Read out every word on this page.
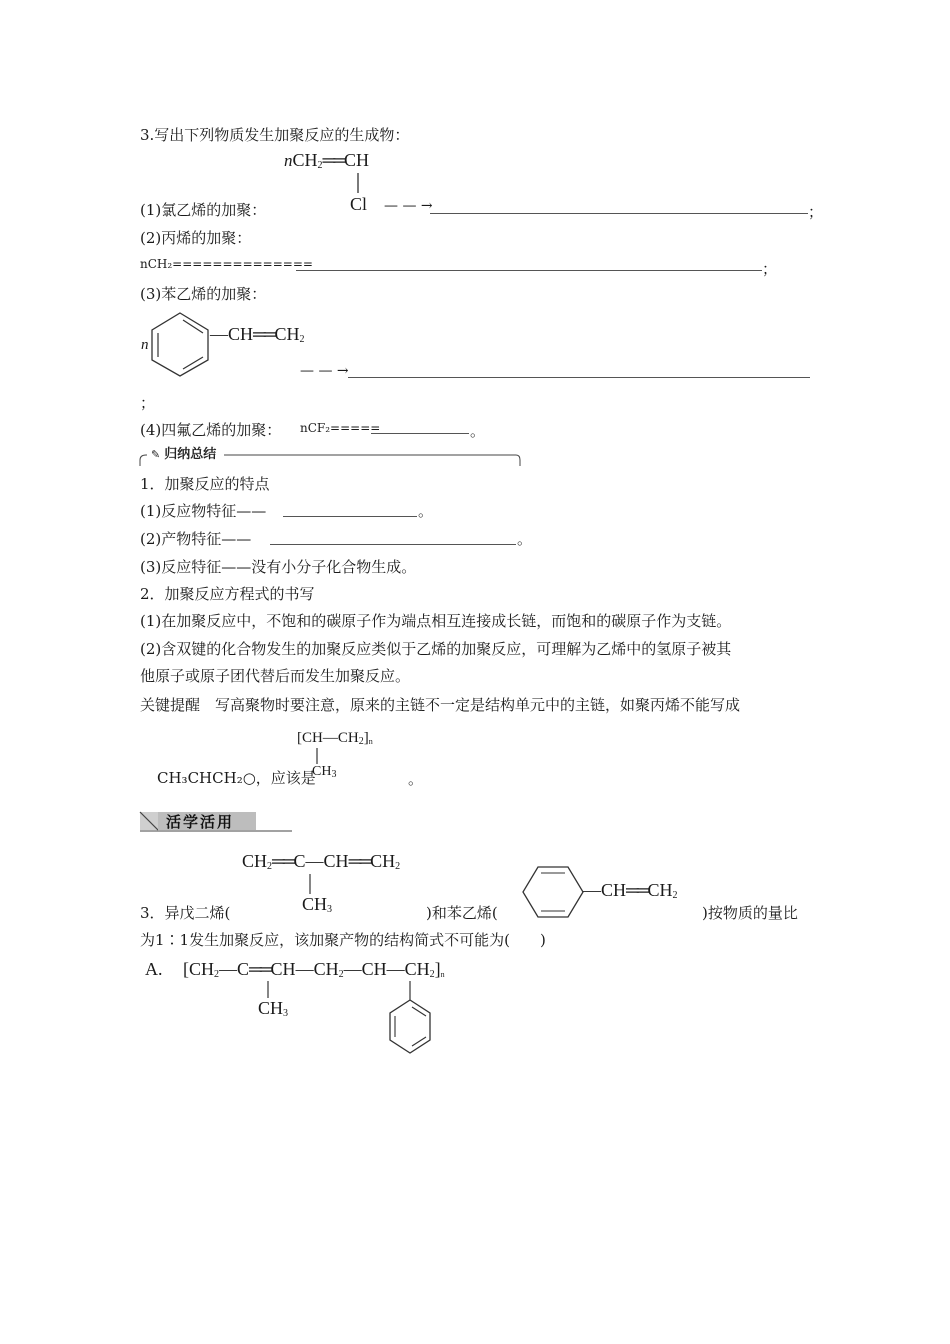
3.写出下列物质发生加聚反应的生成物：
nCH$_2$══CH
Cl
(1)氯乙烯的加聚：	— — →	；
(2)丙烯的加聚：
nCH₂==============	；
(3)苯乙烯的加聚：
n
$—CH══CH_2$
— — →
；
(4)四氟乙烯的加聚： nCF₂=====	。
✎ 归纳总结
1．加聚反应的特点
(1)反应物特征——	。
(2)产物特征——	。
(3)反应特征——没有小分子化合物生成。
2．加聚反应方程式的书写
(1)在加聚反应中，不饱和的碳原子作为端点相互连接成长链，而饱和的碳原子作为支链。
(2)含双键的化合物发生的加聚反应类似于乙烯的加聚反应，可理解为乙烯中的氢原子被其
他原子或原子团代替后而发生加聚反应。
关键提醒　写高聚物时要注意，原来的主链不一定是结构单元中的主链，如聚丙烯不能写成
$[CH—CH_2]_n$
$CH_3$
CH₃CHCH₂○，应该是	。
活学活用
$CH_2══C—CH══CH_2$
$CH_3$
3．异戊二烯(	)和苯乙烯(
$—CH══CH_2$
)按物质的量比
为1∶1发生加聚反应，该加聚产物的结构简式不可能为(　　)
A. $[CH_2—C══CH—CH_2—CH—CH_2]_n$
$CH_3$
